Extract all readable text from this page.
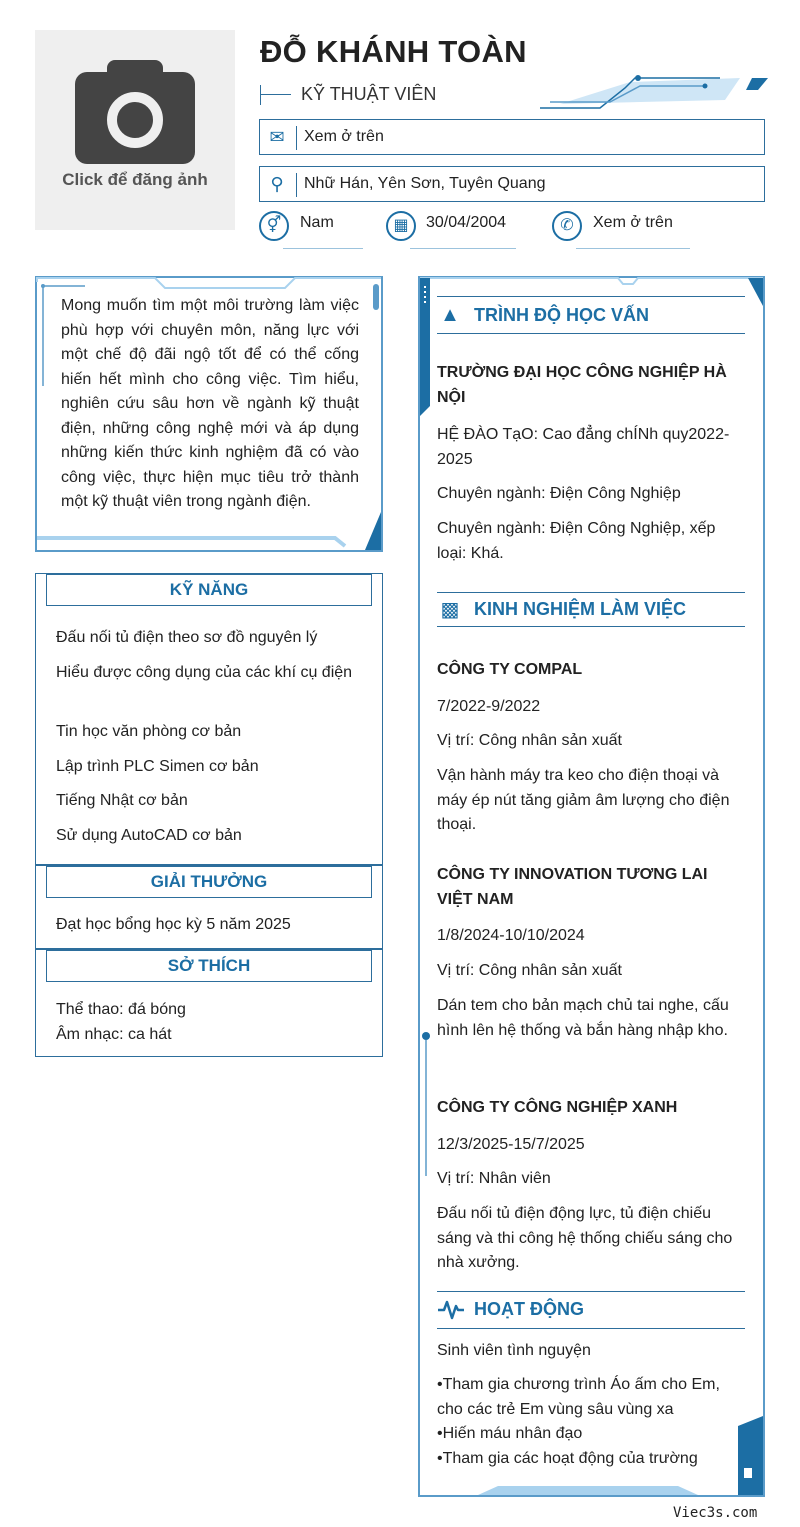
Click để đăng ảnh
ĐỖ KHÁNH TOÀN
KỸ THUẬT VIÊN
✉	Xem ở trên
⚲	Nhữ Hán, Yên Sơn, Tuyên Quang
⚥	Nam	▦	30/04/2004	✆	Xem ở trên
Mong muốn tìm một môi trường làm việc phù hợp với chuyên môn, năng lực với một chế độ đãi ngộ tốt để có thể cống hiến hết mình cho công việc. Tìm hiểu, nghiên cứu sâu hơn về ngành kỹ thuật điện, những công nghệ mới và áp dụng những kiến thức kinh nghiệm đã có vào công việc, thực hiện mục tiêu trở thành một kỹ thuật viên trong ngành điện.
KỸ NĂNG
Đấu nối tủ điện theo sơ đồ nguyên lý
Hiểu được công dụng của các khí cụ điện
Tin học văn phòng cơ bản
Lập trình PLC Simen cơ bản
Tiếng Nhật cơ bản
Sử dụng AutoCAD cơ bản
GIẢI THƯỞNG
Đạt học bổng học kỳ 5 năm 2025
SỞ THÍCH
Thể thao: đá bóng
Âm nhạc: ca hát
▲ TRÌNH ĐỘ HỌC VẤN
TRƯỜNG ĐẠI HỌC CÔNG NGHIỆP HÀ NỘI
HỆ ĐÀO TạO: Cao đẳng chÍNh quy2022-2025
Chuyên ngành: Điện Công Nghiệp
Chuyên ngành: Điện Công Nghiệp, xếp loại: Khá.
▩ KINH NGHIỆM LÀM VIỆC
CÔNG TY COMPAL
7/2022-9/2022
Vị trí: Công nhân sản xuất
Vận hành máy tra keo cho điện thoại và máy ép nút tăng giảm âm lượng cho điện thoại.
CÔNG TY INNOVATION TƯƠNG LAI VIỆT NAM
1/8/2024-10/10/2024
Vị trí: Công nhân sản xuất
Dán tem cho bản mạch chủ tai nghe, cấu hình lên hệ thống và bắn hàng nhập kho.
CÔNG TY CÔNG NGHIỆP XANH
12/3/2025-15/7/2025
Vị trí: Nhân viên
Đấu nối tủ điện động lực, tủ điện chiếu sáng và thi công hệ thống chiếu sáng cho nhà xưởng.
HOẠT ĐỘNG
Sinh viên tình nguyện
•Tham gia chương trình Áo ấm cho Em, cho các trẻ Em vùng sâu vùng xa
•Hiến máu nhân đạo
•Tham gia các hoạt động của trường
Viec3s.com
